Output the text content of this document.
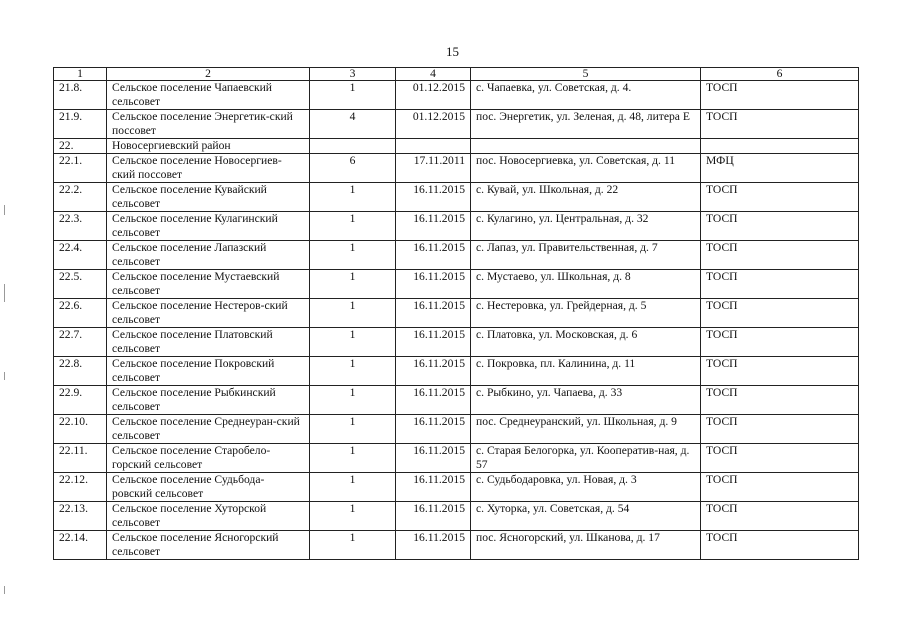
15
1	2	3	4	5	6
21.8.	Сельское поселение Чапаевский сельсовет	1	01.12.2015	с. Чапаевка, ул. Советская, д. 4.	ТОСП
21.9.	Сельское поселение Энергетик-ский поссовет	4	01.12.2015	пос. Энергетик, ул. Зеленая, д. 48, литера Е	ТОСП
22.	Новосергиевский район				
22.1.	Сельское поселение Новосергиев-ский поссовет	6	17.11.2011	пос. Новосергиевка, ул. Советская, д. 11	МФЦ
22.2.	Сельское поселение Кувайский сельсовет	1	16.11.2015	с. Кувай, ул. Школьная, д. 22	ТОСП
22.3.	Сельское поселение Кулагинский сельсовет	1	16.11.2015	с. Кулагино, ул. Центральная, д. 32	ТОСП
22.4.	Сельское поселение Лапазский сельсовет	1	16.11.2015	с. Лапаз, ул. Правительственная, д. 7	ТОСП
22.5.	Сельское поселение Мустаевский сельсовет	1	16.11.2015	с. Мустаево, ул. Школьная, д. 8	ТОСП
22.6.	Сельское поселение Нестеров-ский сельсовет	1	16.11.2015	с. Нестеровка, ул. Грейдерная, д. 5	ТОСП
22.7.	Сельское поселение Платовский сельсовет	1	16.11.2015	с. Платовка, ул. Московская, д. 6	ТОСП
22.8.	Сельское поселение Покровский сельсовет	1	16.11.2015	с. Покровка, пл. Калинина, д. 11	ТОСП
22.9.	Сельское поселение Рыбкинский сельсовет	1	16.11.2015	с. Рыбкино, ул. Чапаева, д. 33	ТОСП
22.10.	Сельское поселение Среднеуран-ский сельсовет	1	16.11.2015	пос. Среднеуранский, ул. Школьная, д. 9	ТОСП
22.11.	Сельское поселение Старобело-горский сельсовет	1	16.11.2015	с. Старая Белогорка, ул. Кооператив-ная, д. 57	ТОСП
22.12.	Сельское поселение Судьбода-ровский сельсовет	1	16.11.2015	с. Судьбодаровка, ул. Новая, д. 3	ТОСП
22.13.	Сельское поселение Хуторской сельсовет	1	16.11.2015	с. Хуторка, ул. Советская, д. 54	ТОСП
22.14.	Сельское поселение Ясногорский сельсовет	1	16.11.2015	пос. Ясногорский, ул. Шканова, д. 17	ТОСП
